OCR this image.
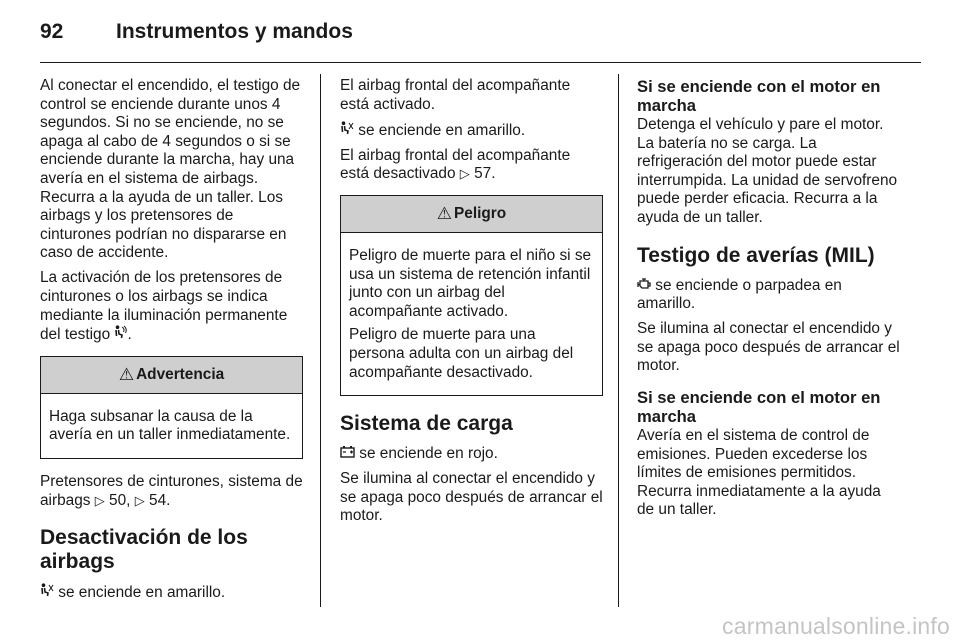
92	Instrumentos y mandos

Al conectar el encendido, el testigo de control se enciende durante unos 4 segundos. Si no se enciende, no se apaga al cabo de 4 segundos o si se enciende durante la marcha, hay una avería en el sistema de airbags. Recurra a la ayuda de un taller. Los airbags y los pretensores de cinturones podrían no dispararse en caso de accidente.

La activación de los pretensores de cinturones o los airbags se indica mediante la iluminación permanente del testigo .

⚠ Advertencia

Haga subsanar la causa de la avería en un taller inmediatamente.

Pretensores de cinturones, sistema de airbags ▷ 50, ▷ 54.

Desactivación de los airbags

se enciende en amarillo.

El airbag frontal del acompañante está activado.

se enciende en amarillo.

El airbag frontal del acompañante está desactivado ▷ 57.

⚠ Peligro

Peligro de muerte para el niño si se usa un sistema de retención infantil junto con un airbag del acompañante activado.

Peligro de muerte para una persona adulta con un airbag del acompañante desactivado.

Sistema de carga

se enciende en rojo.

Se ilumina al conectar el encendido y se apaga poco después de arrancar el motor.

Si se enciende con el motor en marcha

Detenga el vehículo y pare el motor. La batería no se carga. La refrigeración del motor puede estar interrumpida. La unidad de servofreno puede perder eficacia. Recurra a la ayuda de un taller.

Testigo de averías (MIL)

se enciende o parpadea en amarillo.

Se ilumina al conectar el encendido y se apaga poco después de arrancar el motor.

Si se enciende con el motor en marcha

Avería en el sistema de control de emisiones. Pueden excederse los límites de emisiones permitidos. Recurra inmediatamente a la ayuda de un taller.

carmanualsonline.info
